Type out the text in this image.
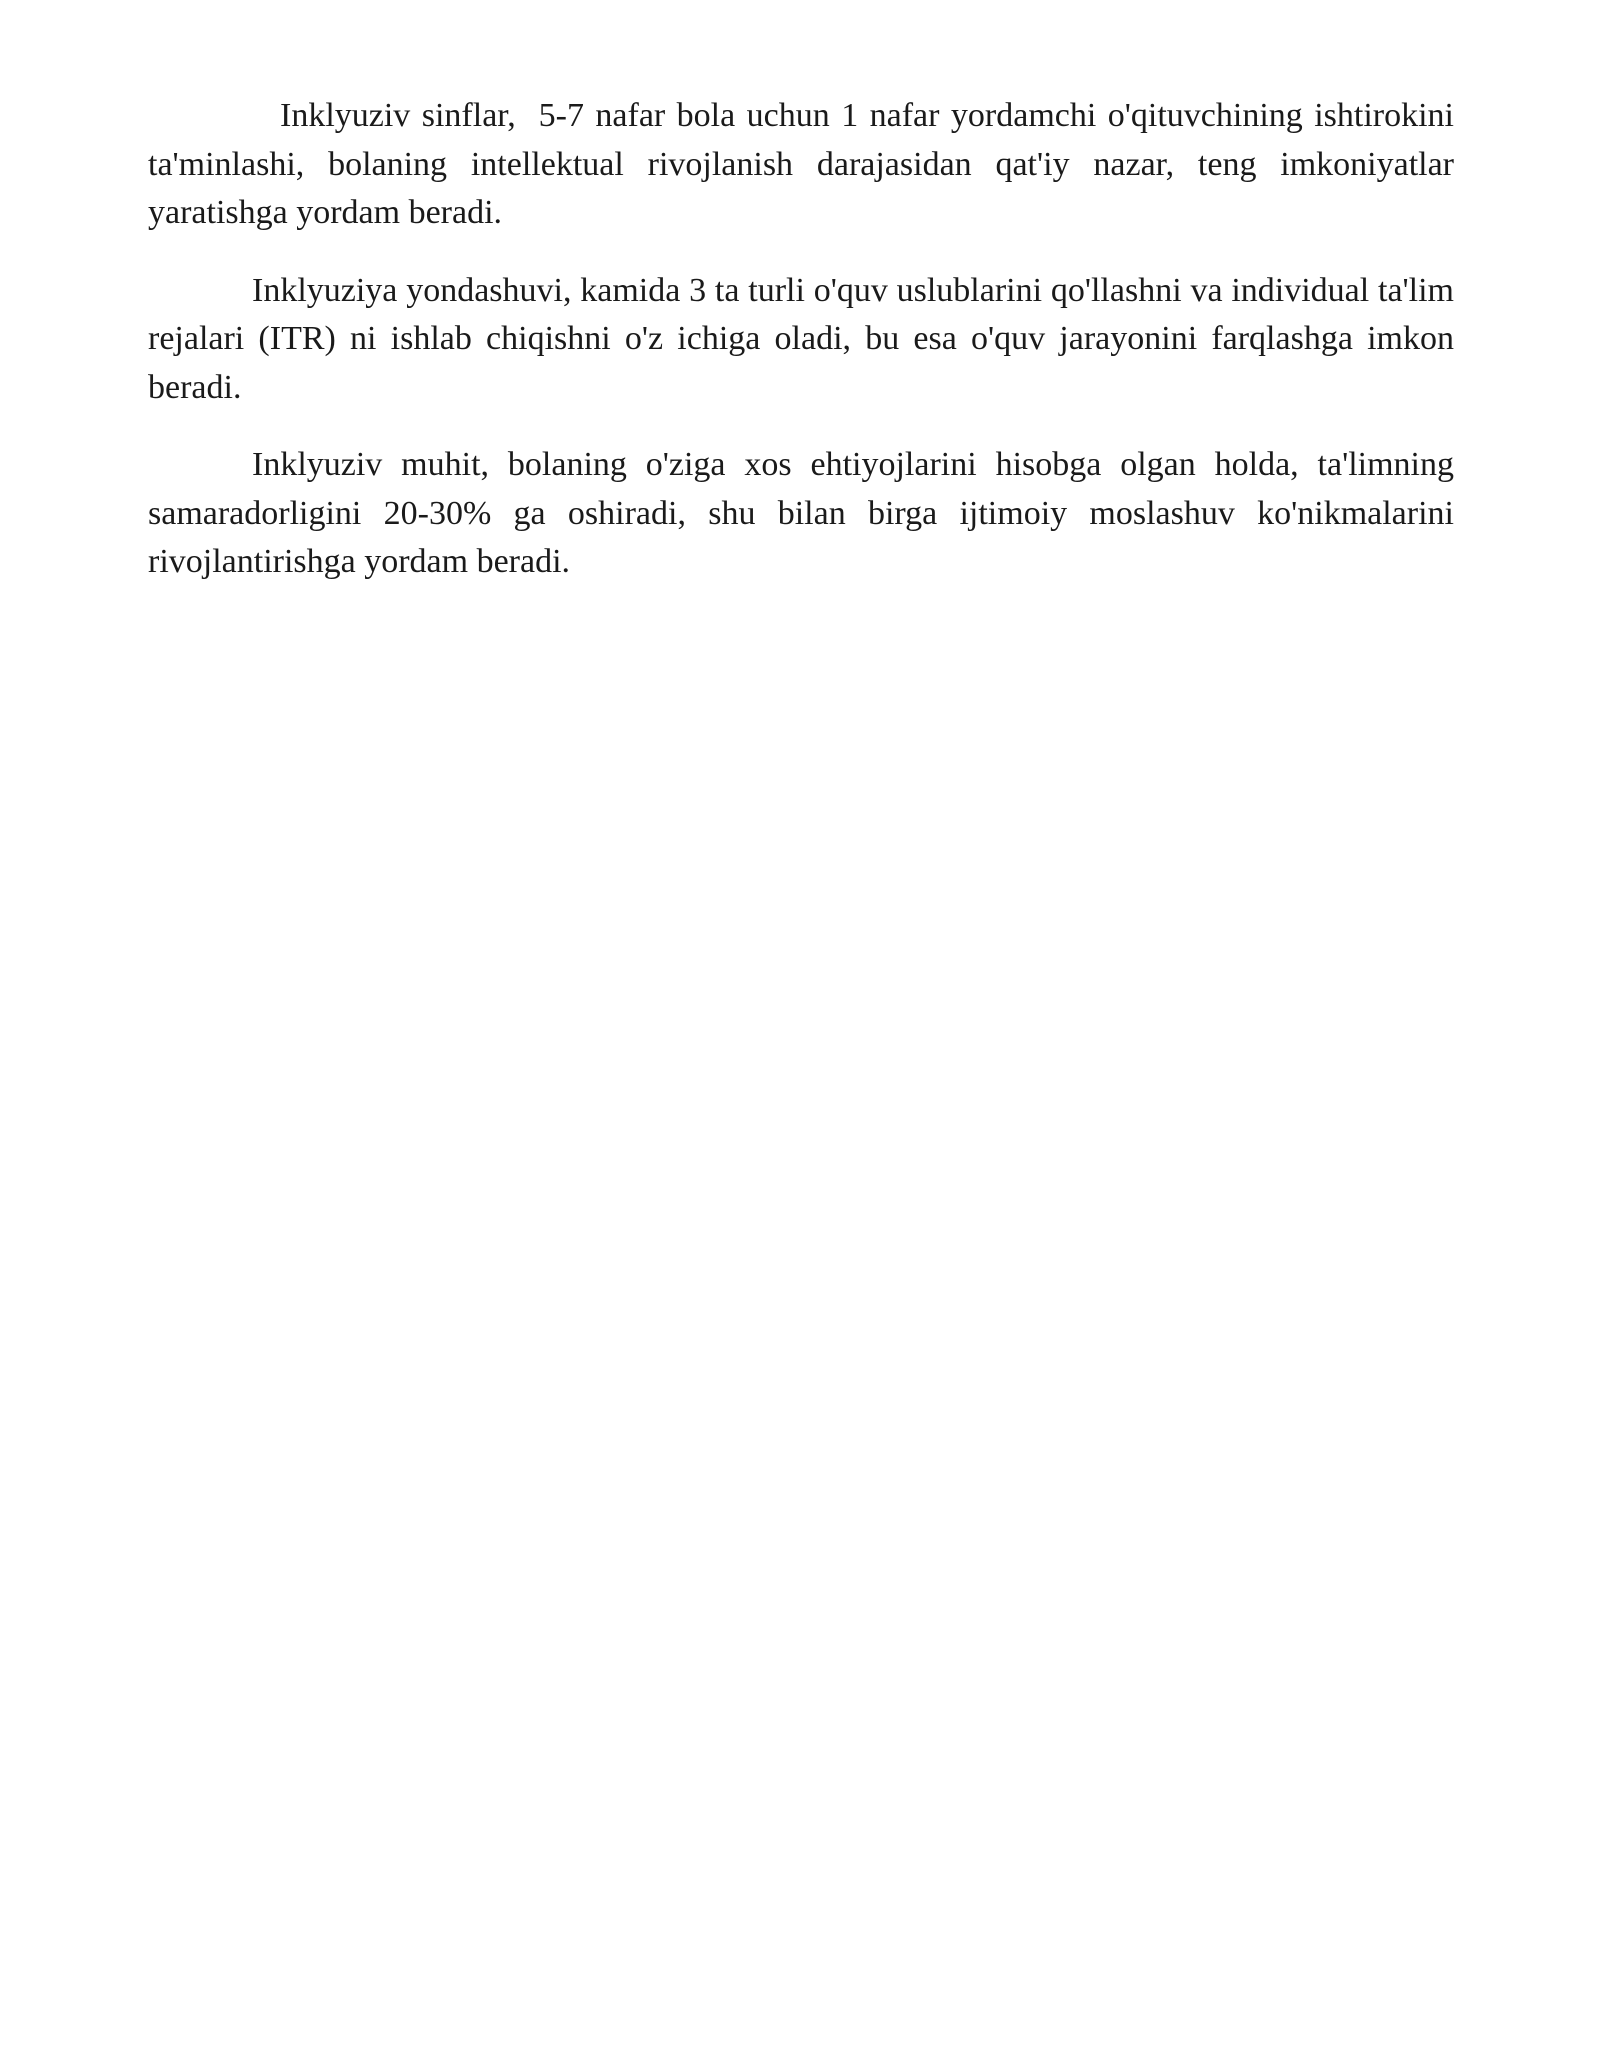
Inklyuziv sinflar,  5-7 nafar bola uchun 1 nafar yordamchi o'qituvchining ishtirokini ta'minlashi, bolaning intellektual rivojlanish darajasidan qat'iy nazar, teng imkoniyatlar yaratishga yordam beradi.

Inklyuziya yondashuvi, kamida 3 ta turli o'quv uslublarini qo'llashni va individual ta'lim rejalari (ITR) ni ishlab chiqishni o'z ichiga oladi, bu esa o'quv jarayonini farqlashga imkon beradi.

Inklyuziv muhit, bolaning o'ziga xos ehtiyojlarini hisobga olgan holda, ta'limning samaradorligini 20-30% ga oshiradi, shu bilan birga ijtimoiy moslashuv ko'nikmalarini rivojlantirishga yordam beradi.
